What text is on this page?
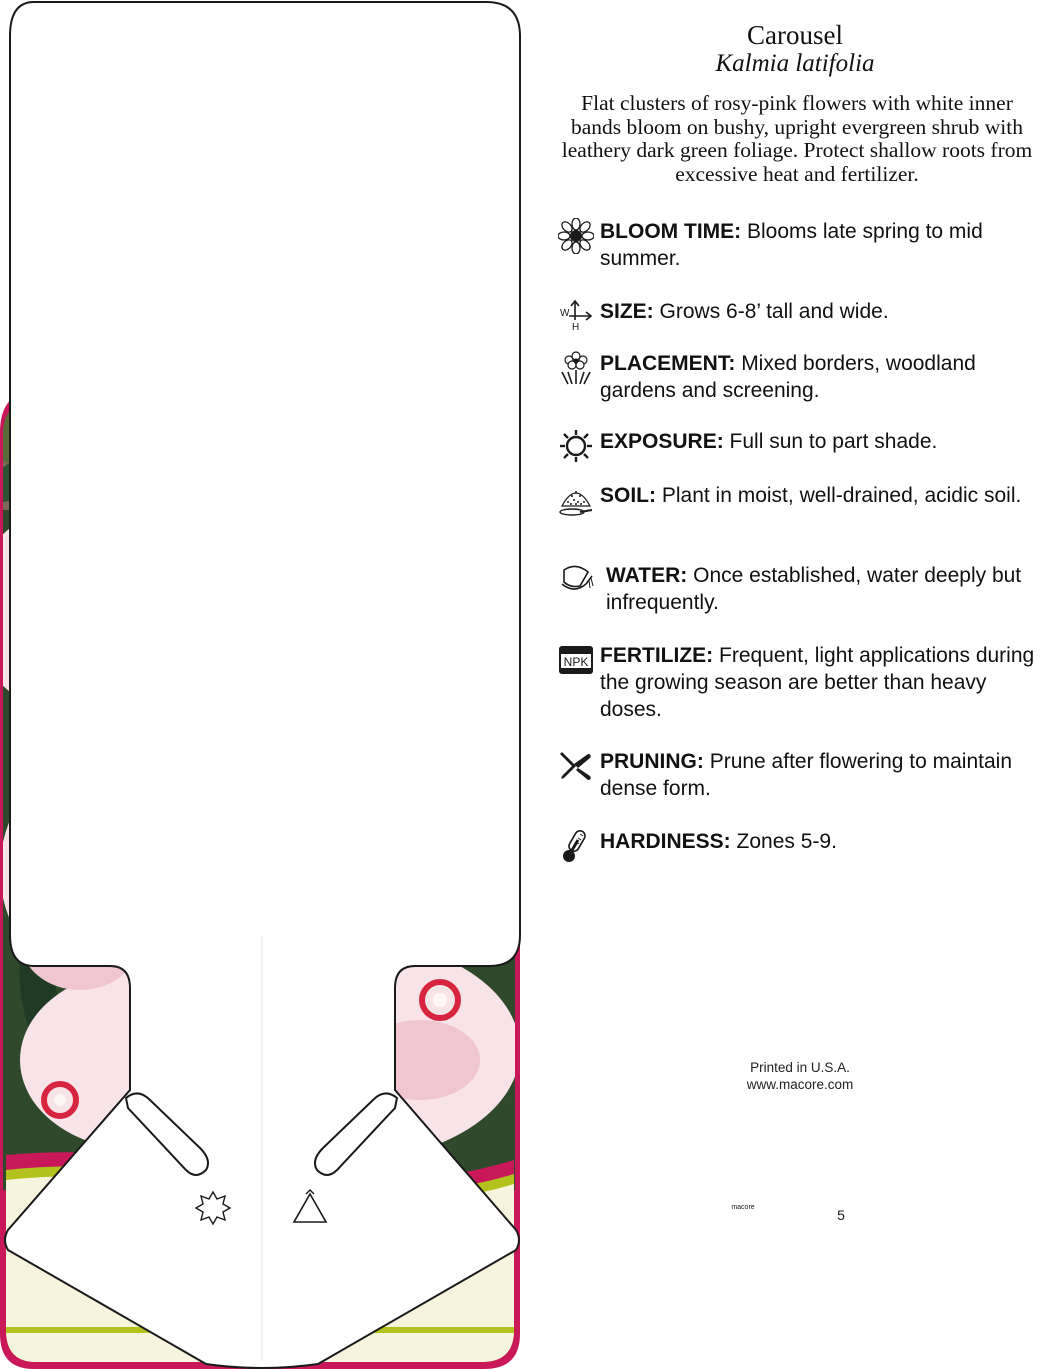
Carousel
Kalmia latifolia
Flat clusters of rosy-pink flowers with white inner bands bloom on bushy, upright evergreen shrub with leathery dark green foliage. Protect shallow roots from excessive heat and fertilizer.
BLOOM TIME: Blooms late spring to mid summer.
W
H
SIZE: Grows 6-8’ tall and wide.
PLACEMENT: Mixed borders, woodland gardens and screening.
EXPOSURE: Full sun to part shade.
SOIL: Plant in moist, well-drained, acidic soil.
WATER: Once established, water deeply but infrequently.
NPK FERTILIZE: Frequent, light applications during the growing season are better than heavy doses.
PRUNING: Prune after flowering to maintain dense form.
HARDINESS: Zones 5-9.
Printed in U.S.A.
www.macore.com
macore	5
